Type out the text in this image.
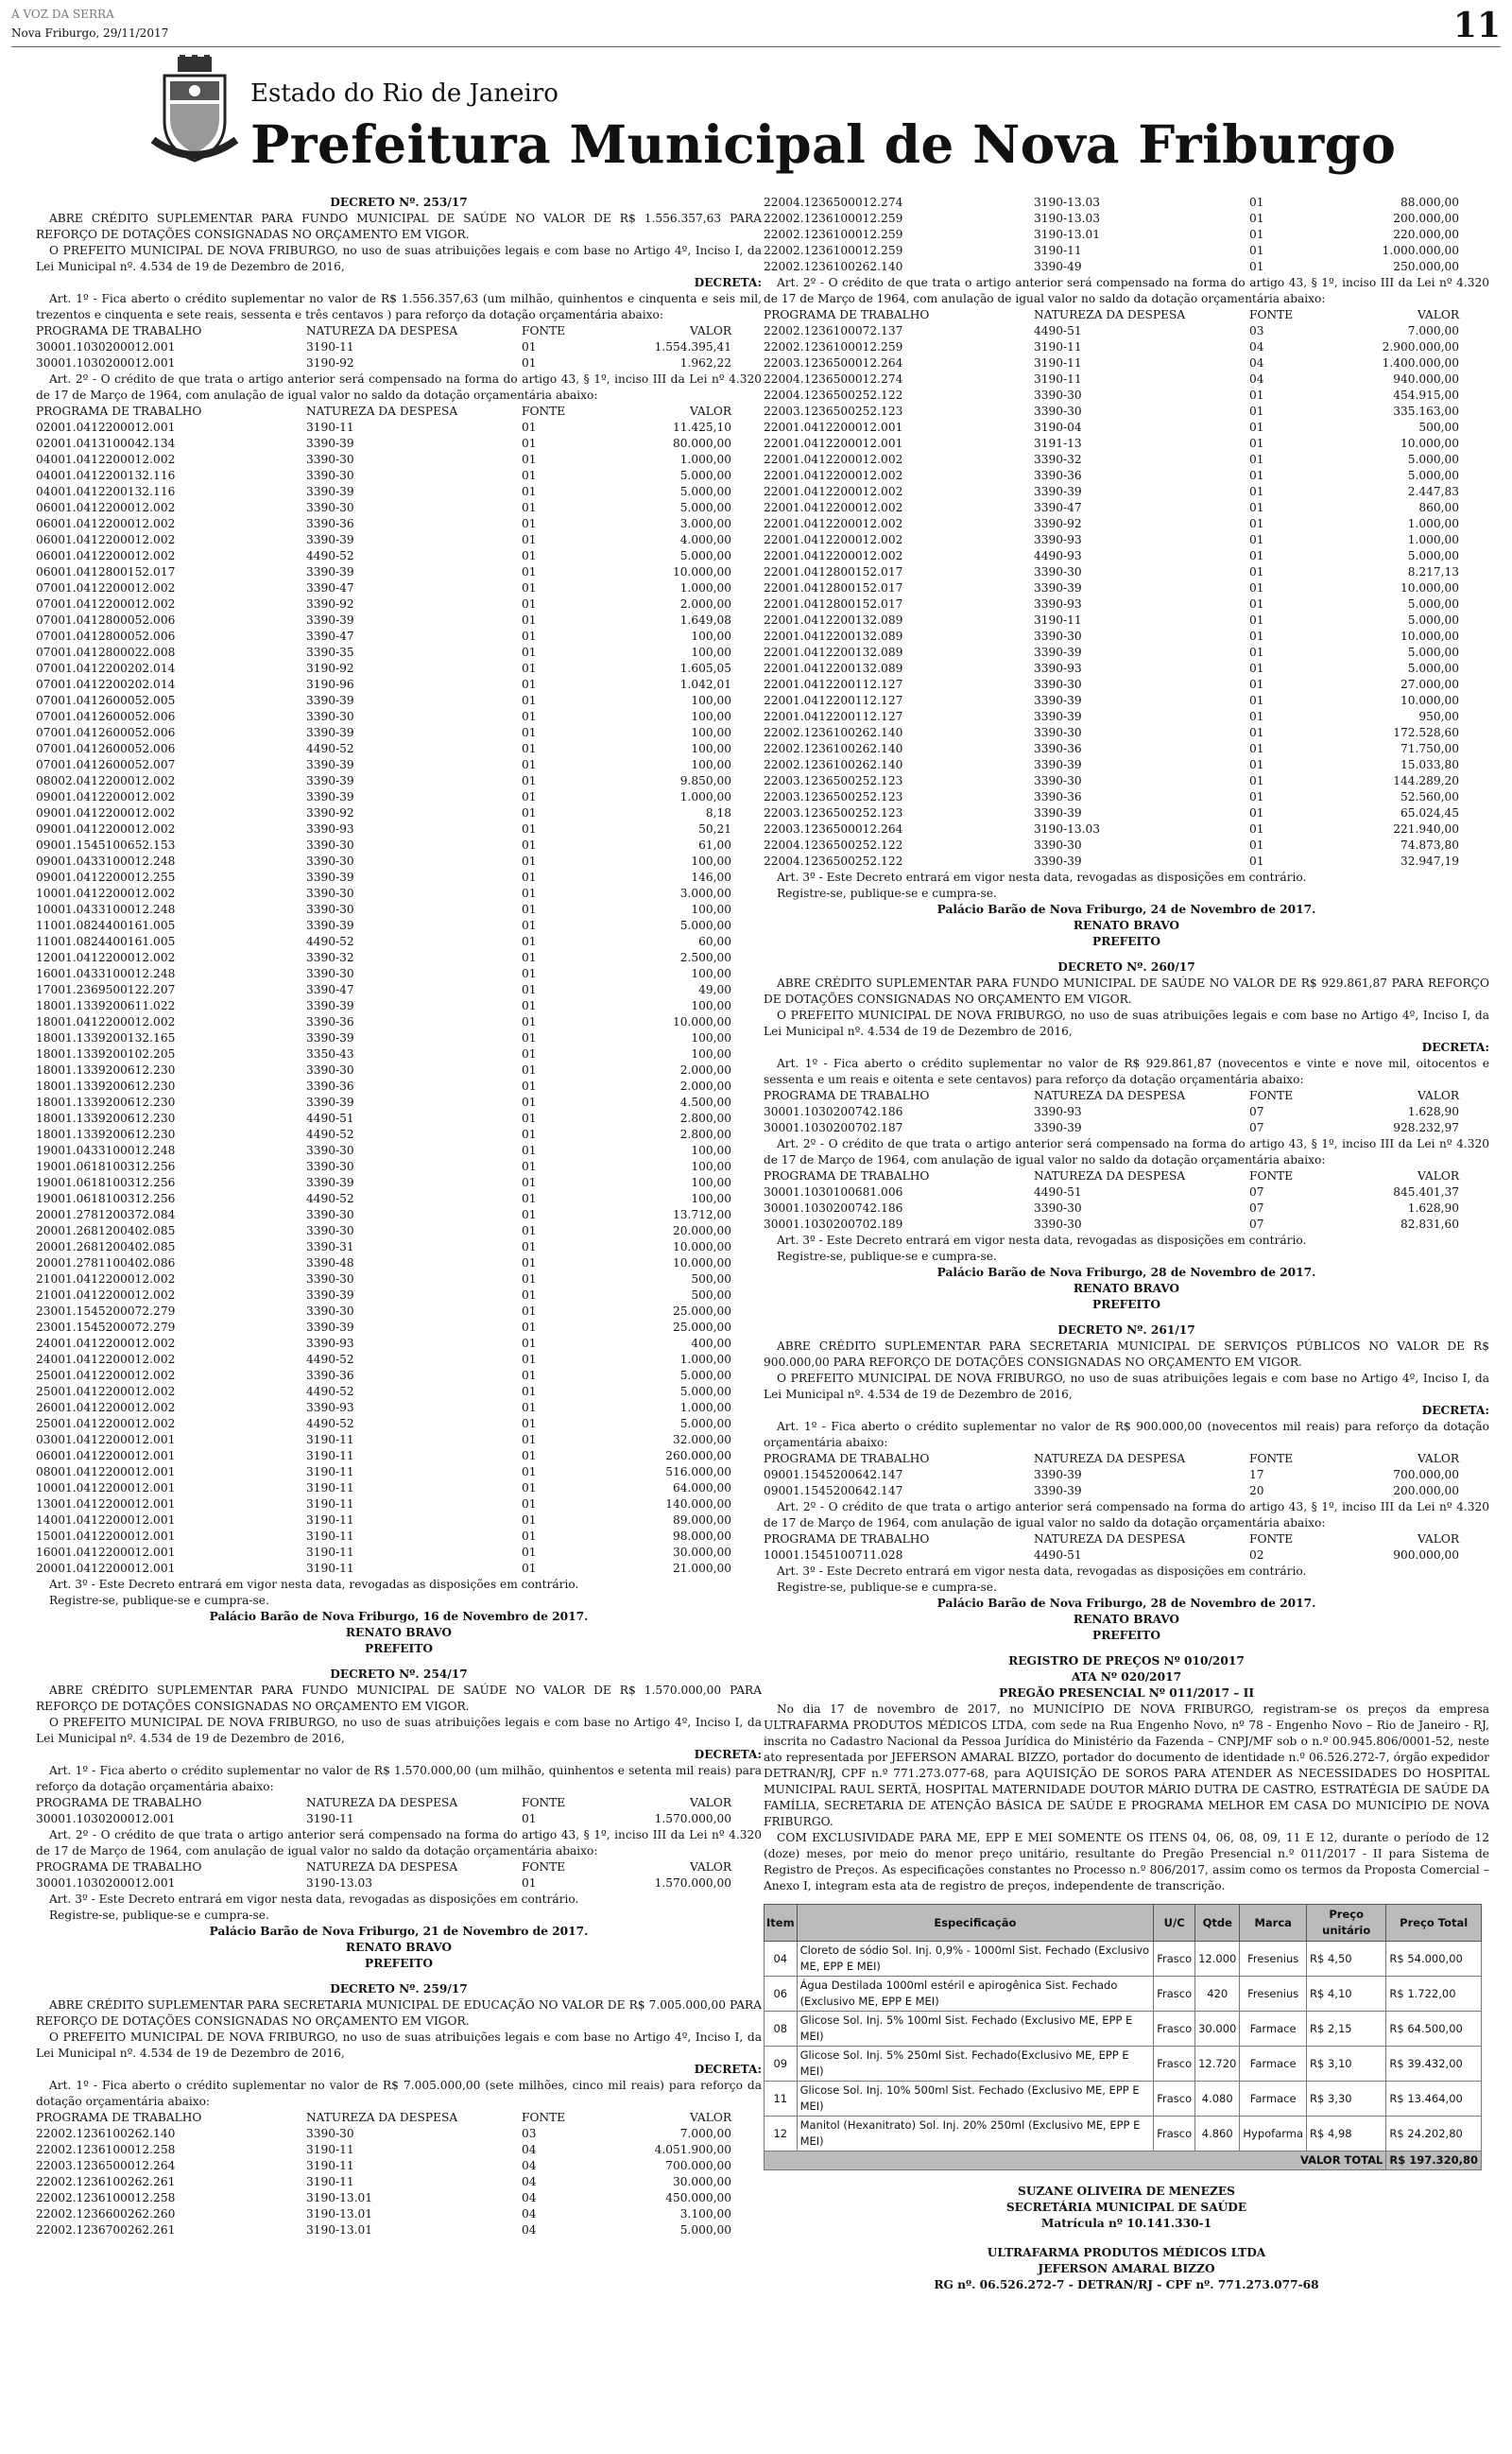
A VOZ DA SERRA
Nova Friburgo, 29/11/2017	11
Estado do Rio de Janeiro
Prefeitura Municipal de Nova Friburgo
DECRETO Nº. 253/17
ABRE CRÉDITO SUPLEMENTAR PARA FUNDO MUNICIPAL DE SAÚDE NO VALOR DE R$ 1.556.357,63 PARA REFORÇO DE DOTAÇÕES CONSIGNADAS NO ORÇAMENTO EM VIGOR.
O PREFEITO MUNICIPAL DE NOVA FRIBURGO, no uso de suas atribuições legais e com base no Artigo 4º, Inciso I, da Lei Municipal nº. 4.534 de 19 de Dezembro de 2016,
DECRETA:
Art. 1º - Fica aberto o crédito suplementar no valor de R$ 1.556.357,63 (um milhão, quinhentos e cinquenta e seis mil, trezentos e cinquenta e sete reais, sessenta e três centavos ) para reforço da dotação orçamentária abaixo:
PROGRAMA DE TRABALHO	NATUREZA DA DESPESA	FONTE	VALOR
30001.1030200012.001	3190-11	01	1.554.395,41
30001.1030200012.001	3190-92	01	1.962,22
Art. 2º - O crédito de que trata o artigo anterior será compensado na forma do artigo 43, § 1º, inciso III da Lei nº 4.320 de 17 de Março de 1964, com anulação de igual valor no saldo da dotação orçamentária abaixo:
PROGRAMA DE TRABALHO	NATUREZA DA DESPESA	FONTE	VALOR
02001.0412200012.001	3190-11	01	11.425,10
02001.0413100042.134	3390-39	01	80.000,00
04001.0412200012.002	3390-30	01	1.000,00
04001.0412200132.116	3390-30	01	5.000,00
04001.0412200132.116	3390-39	01	5.000,00
06001.0412200012.002	3390-30	01	5.000,00
06001.0412200012.002	3390-36	01	3.000,00
06001.0412200012.002	3390-39	01	4.000,00
06001.0412200012.002	4490-52	01	5.000,00
06001.0412800152.017	3390-39	01	10.000,00
07001.0412200012.002	3390-47	01	1.000,00
07001.0412200012.002	3390-92	01	2.000,00
07001.0412800052.006	3390-39	01	1.649,08
07001.0412800052.006	3390-47	01	100,00
07001.0412800022.008	3390-35	01	100,00
07001.0412200202.014	3190-92	01	1.605,05
07001.0412200202.014	3190-96	01	1.042,01
07001.0412600052.005	3390-39	01	100,00
07001.0412600052.006	3390-30	01	100,00
07001.0412600052.006	3390-39	01	100,00
07001.0412600052.006	4490-52	01	100,00
07001.0412600052.007	3390-39	01	100,00
08002.0412200012.002	3390-39	01	9.850,00
09001.0412200012.002	3390-39	01	1.000,00
09001.0412200012.002	3390-92	01	8,18
09001.0412200012.002	3390-93	01	50,21
09001.1545100652.153	3390-30	01	61,00
09001.0433100012.248	3390-30	01	100,00
09001.0412200012.255	3390-39	01	146,00
10001.0412200012.002	3390-30	01	3.000,00
10001.0433100012.248	3390-30	01	100,00
11001.0824400161.005	3390-39	01	5.000,00
11001.0824400161.005	4490-52	01	60,00
12001.0412200012.002	3390-32	01	2.500,00
16001.0433100012.248	3390-30	01	100,00
17001.2369500122.207	3390-47	01	49,00
18001.1339200611.022	3390-39	01	100,00
18001.0412200012.002	3390-36	01	10.000,00
18001.1339200132.165	3390-39	01	100,00
18001.1339200102.205	3350-43	01	100,00
18001.1339200612.230	3390-30	01	2.000,00
18001.1339200612.230	3390-36	01	2.000,00
18001.1339200612.230	3390-39	01	4.500,00
18001.1339200612.230	4490-51	01	2.800,00
18001.1339200612.230	4490-52	01	2.800,00
19001.0433100012.248	3390-30	01	100,00
19001.0618100312.256	3390-30	01	100,00
19001.0618100312.256	3390-39	01	100,00
19001.0618100312.256	4490-52	01	100,00
20001.2781200372.084	3390-30	01	13.712,00
20001.2681200402.085	3390-30	01	20.000,00
20001.2681200402.085	3390-31	01	10.000,00
20001.2781100402.086	3390-48	01	10.000,00
21001.0412200012.002	3390-30	01	500,00
21001.0412200012.002	3390-39	01	500,00
23001.1545200072.279	3390-30	01	25.000,00
23001.1545200072.279	3390-39	01	25.000,00
24001.0412200012.002	3390-93	01	400,00
24001.0412200012.002	4490-52	01	1.000,00
25001.0412200012.002	3390-36	01	5.000,00
25001.0412200012.002	4490-52	01	5.000,00
26001.0412200012.002	3390-93	01	1.000,00
25001.0412200012.002	4490-52	01	5.000,00
03001.0412200012.001	3190-11	01	32.000,00
06001.0412200012.001	3190-11	01	260.000,00
08001.0412200012.001	3190-11	01	516.000,00
10001.0412200012.001	3190-11	01	64.000,00
13001.0412200012.001	3190-11	01	140.000,00
14001.0412200012.001	3190-11	01	89.000,00
15001.0412200012.001	3190-11	01	98.000,00
16001.0412200012.001	3190-11	01	30.000,00
20001.0412200012.001	3190-11	01	21.000,00
Art. 3º - Este Decreto entrará em vigor nesta data, revogadas as disposições em contrário.
Registre-se, publique-se e cumpra-se.
Palácio Barão de Nova Friburgo, 16 de Novembro de 2017.
RENATO BRAVO
PREFEITO
DECRETO Nº. 254/17
ABRE CRÉDITO SUPLEMENTAR PARA FUNDO MUNICIPAL DE SAÚDE NO VALOR DE R$ 1.570.000,00 PARA REFORÇO DE DOTAÇÕES CONSIGNADAS NO ORÇAMENTO EM VIGOR.
O PREFEITO MUNICIPAL DE NOVA FRIBURGO, no uso de suas atribuições legais e com base no Artigo 4º, Inciso I, da Lei Municipal nº. 4.534 de 19 de Dezembro de 2016,
DECRETA:
Art. 1º - Fica aberto o crédito suplementar no valor de R$ 1.570.000,00 (um milhão, quinhentos e setenta mil reais) para reforço da dotação orçamentária abaixo:
PROGRAMA DE TRABALHO	NATUREZA DA DESPESA	FONTE	VALOR
30001.1030200012.001	3190-11	01	1.570.000,00
Art. 2º - O crédito de que trata o artigo anterior será compensado na forma do artigo 43, § 1º, inciso III da Lei nº 4.320 de 17 de Março de 1964, com anulação de igual valor no saldo da dotação orçamentária abaixo:
PROGRAMA DE TRABALHO	NATUREZA DA DESPESA	FONTE	VALOR
30001.1030200012.001	3190-13.03	01	1.570.000,00
Art. 3º - Este Decreto entrará em vigor nesta data, revogadas as disposições em contrário.
Registre-se, publique-se e cumpra-se.
Palácio Barão de Nova Friburgo, 21 de Novembro de 2017.
RENATO BRAVO
PREFEITO
DECRETO Nº. 259/17
ABRE CRÉDITO SUPLEMENTAR PARA SECRETARIA MUNICIPAL DE EDUCAÇÃO NO VALOR DE R$ 7.005.000,00 PARA REFORÇO DE DOTAÇÕES CONSIGNADAS NO ORÇAMENTO EM VIGOR.
O PREFEITO MUNICIPAL DE NOVA FRIBURGO, no uso de suas atribuições legais e com base no Artigo 4º, Inciso I, da Lei Municipal nº. 4.534 de 19 de Dezembro de 2016,
DECRETA:
Art. 1º - Fica aberto o crédito suplementar no valor de R$ 7.005.000,00 (sete milhões, cinco mil reais) para reforço da dotação orçamentária abaixo:
PROGRAMA DE TRABALHO	NATUREZA DA DESPESA	FONTE	VALOR
22002.1236100262.140	3390-30	03	7.000,00
22002.1236100012.258	3190-11	04	4.051.900,00
22003.1236500012.264	3190-11	04	700.000,00
22002.1236100262.261	3190-11	04	30.000,00
22002.1236100012.258	3190-13.01	04	450.000,00
22002.1236600262.260	3190-13.01	04	3.100,00
22002.1236700262.261	3190-13.01	04	5.000,00
22004.1236500012.274	3190-13.03	01	88.000,00
22002.1236100012.259	3190-13.03	01	200.000,00
22002.1236100012.259	3190-13.01	01	220.000,00
22002.1236100012.259	3190-11	01	1.000.000,00
22002.1236100262.140	3390-49	01	250.000,00
Art. 2º - O crédito de que trata o artigo anterior será compensado na forma do artigo 43, § 1º, inciso III da Lei nº 4.320 de 17 de Março de 1964, com anulação de igual valor no saldo da dotação orçamentária abaixo:
PROGRAMA DE TRABALHO	NATUREZA DA DESPESA	FONTE	VALOR
22002.1236100072.137	4490-51	03	7.000,00
22002.1236100012.259	3190-11	04	2.900.000,00
22003.1236500012.264	3190-11	04	1.400.000,00
22004.1236500012.274	3190-11	04	940.000,00
22004.1236500252.122	3390-30	01	454.915,00
22003.1236500252.123	3390-30	01	335.163,00
22001.0412200012.001	3190-04	01	500,00
22001.0412200012.001	3191-13	01	10.000,00
22001.0412200012.002	3390-32	01	5.000,00
22001.0412200012.002	3390-36	01	5.000,00
22001.0412200012.002	3390-39	01	2.447,83
22001.0412200012.002	3390-47	01	860,00
22001.0412200012.002	3390-92	01	1.000,00
22001.0412200012.002	3390-93	01	1.000,00
22001.0412200012.002	4490-93	01	5.000,00
22001.0412800152.017	3390-30	01	8.217,13
22001.0412800152.017	3390-39	01	10.000,00
22001.0412800152.017	3390-93	01	5.000,00
22001.0412200132.089	3190-11	01	5.000,00
22001.0412200132.089	3390-30	01	10.000,00
22001.0412200132.089	3390-39	01	5.000,00
22001.0412200132.089	3390-93	01	5.000,00
22001.0412200112.127	3390-30	01	27.000,00
22001.0412200112.127	3390-39	01	10.000,00
22001.0412200112.127	3390-39	01	950,00
22002.1236100262.140	3390-30	01	172.528,60
22002.1236100262.140	3390-36	01	71.750,00
22002.1236100262.140	3390-39	01	15.033,80
22003.1236500252.123	3390-30	01	144.289,20
22003.1236500252.123	3390-36	01	52.560,00
22003.1236500252.123	3390-39	01	65.024,45
22003.1236500012.264	3190-13.03	01	221.940,00
22004.1236500252.122	3390-30	01	74.873,80
22004.1236500252.122	3390-39	01	32.947,19
Art. 3º - Este Decreto entrará em vigor nesta data, revogadas as disposições em contrário.
Registre-se, publique-se e cumpra-se.
Palácio Barão de Nova Friburgo, 24 de Novembro de 2017.
RENATO BRAVO
PREFEITO
DECRETO Nº. 260/17
ABRE CRÉDITO SUPLEMENTAR PARA FUNDO MUNICIPAL DE SAÚDE NO VALOR DE R$ 929.861,87 PARA REFORÇO DE DOTAÇÕES CONSIGNADAS NO ORÇAMENTO EM VIGOR.
O PREFEITO MUNICIPAL DE NOVA FRIBURGO, no uso de suas atribuições legais e com base no Artigo 4º, Inciso I, da Lei Municipal nº. 4.534 de 19 de Dezembro de 2016,
DECRETA:
Art. 1º - Fica aberto o crédito suplementar no valor de R$ 929.861,87 (novecentos e vinte e nove mil, oitocentos e sessenta e um reais e oitenta e sete centavos) para reforço da dotação orçamentária abaixo:
PROGRAMA DE TRABALHO	NATUREZA DA DESPESA	FONTE	VALOR
30001.1030200742.186	3390-93	07	1.628,90
30001.1030200702.187	3390-39	07	928.232,97
Art. 2º - O crédito de que trata o artigo anterior será compensado na forma do artigo 43, § 1º, inciso III da Lei nº 4.320 de 17 de Março de 1964, com anulação de igual valor no saldo da dotação orçamentária abaixo:
PROGRAMA DE TRABALHO	NATUREZA DA DESPESA	FONTE	VALOR
30001.1030100681.006	4490-51	07	845.401,37
30001.1030200742.186	3390-30	07	1.628,90
30001.1030200702.189	3390-30	07	82.831,60
Art. 3º - Este Decreto entrará em vigor nesta data, revogadas as disposições em contrário.
Registre-se, publique-se e cumpra-se.
Palácio Barão de Nova Friburgo, 28 de Novembro de 2017.
RENATO BRAVO
PREFEITO
DECRETO Nº. 261/17
ABRE CRÉDITO SUPLEMENTAR PARA SECRETARIA MUNICIPAL DE SERVIÇOS PÚBLICOS NO VALOR DE R$ 900.000,00 PARA REFORÇO DE DOTAÇÕES CONSIGNADAS NO ORÇAMENTO EM VIGOR.
O PREFEITO MUNICIPAL DE NOVA FRIBURGO, no uso de suas atribuições legais e com base no Artigo 4º, Inciso I, da Lei Municipal nº. 4.534 de 19 de Dezembro de 2016,
DECRETA:
Art. 1º - Fica aberto o crédito suplementar no valor de R$ 900.000,00 (novecentos mil reais) para reforço da dotação orçamentária abaixo:
PROGRAMA DE TRABALHO	NATUREZA DA DESPESA	FONTE	VALOR
09001.1545200642.147	3390-39	17	700.000,00
09001.1545200642.147	3390-39	20	200.000,00
Art. 2º - O crédito de que trata o artigo anterior será compensado na forma do artigo 43, § 1º, inciso III da Lei nº 4.320 de 17 de Março de 1964, com anulação de igual valor no saldo da dotação orçamentária abaixo:
PROGRAMA DE TRABALHO	NATUREZA DA DESPESA	FONTE	VALOR
10001.1545100711.028	4490-51	02	900.000,00
Art. 3º - Este Decreto entrará em vigor nesta data, revogadas as disposições em contrário.
Registre-se, publique-se e cumpra-se.
Palácio Barão de Nova Friburgo, 28 de Novembro de 2017.
RENATO BRAVO
PREFEITO
REGISTRO DE PREÇOS Nº 010/2017
ATA Nº 020/2017
PREGÃO PRESENCIAL Nº 011/2017 – II
No dia 17 de novembro de 2017, no MUNICÍPIO DE NOVA FRIBURGO, registram-se os preços da empresa ULTRAFARMA PRODUTOS MÉDICOS LTDA, com sede na Rua Engenho Novo, nº 78 - Engenho Novo – Rio de Janeiro - RJ, inscrita no Cadastro Nacional da Pessoa Jurídica do Ministério da Fazenda – CNPJ/MF sob o n.º 00.945.806/0001-52, neste ato representada por JEFERSON AMARAL BIZZO, portador do documento de identidade n.º 06.526.272-7, órgão expedidor DETRAN/RJ, CPF n.º 771.273.077-68, para AQUISIÇÃO DE SOROS PARA ATENDER AS NECESSIDADES DO HOSPITAL MUNICIPAL RAUL SERTÃ, HOSPITAL MATERNIDADE DOUTOR MÁRIO DUTRA DE CASTRO, ESTRATÉGIA DE SAÚDE DA FAMÍLIA, SECRETARIA DE ATENÇÃO BÁSICA DE SAÚDE E PROGRAMA MELHOR EM CASA DO MUNICÍPIO DE NOVA FRIBURGO.
COM EXCLUSIVIDADE PARA ME, EPP E MEI SOMENTE OS ITENS 04, 06, 08, 09, 11 E 12, durante o período de 12 (doze) meses, por meio do menor preço unitário, resultante do Pregão Presencial n.º 011/2017 - II para Sistema de Registro de Preços. As especificações constantes no Processo n.º 806/2017, assim como os termos da Proposta Comercial – Anexo I, integram esta ata de registro de preços, independente de transcrição.
Item	Especificação	U/C	Qtde	Marca	Preço unitário	Preço Total
04	Cloreto de sódio Sol. Inj. 0,9% - 1000ml Sist. Fechado (Exclusivo ME, EPP E MEI)	Frasco	12.000	Fresenius	R$ 4,50	R$ 54.000,00
06	Água Destilada 1000ml estéril e apirogênica Sist. Fechado (Exclusivo ME, EPP E MEI)	Frasco	420	Fresenius	R$ 4,10	R$ 1.722,00
08	Glicose Sol. Inj. 5% 100ml Sist. Fechado (Exclusivo ME, EPP E MEI)	Frasco	30.000	Farmace	R$ 2,15	R$ 64.500,00
09	Glicose Sol. Inj. 5% 250ml Sist. Fechado(Exclusivo ME, EPP E MEI)	Frasco	12.720	Farmace	R$ 3,10	R$ 39.432,00
11	Glicose Sol. Inj. 10% 500ml Sist. Fechado (Exclusivo ME, EPP E MEI)	Frasco	4.080	Farmace	R$ 3,30	R$ 13.464,00
12	Manitol (Hexanitrato) Sol. Inj. 20% 250ml (Exclusivo ME, EPP E MEI)	Frasco	4.860	Hypofarma	R$ 4,98	R$ 24.202,80
VALOR TOTAL						R$ 197.320,80
SUZANE OLIVEIRA DE MENEZES
SECRETÁRIA MUNICIPAL DE SAÚDE
Matrícula nº 10.141.330-1
ULTRAFARMA PRODUTOS MÉDICOS LTDA
JEFERSON AMARAL BIZZO
RG nº. 06.526.272-7 - DETRAN/RJ - CPF nº. 771.273.077-68
